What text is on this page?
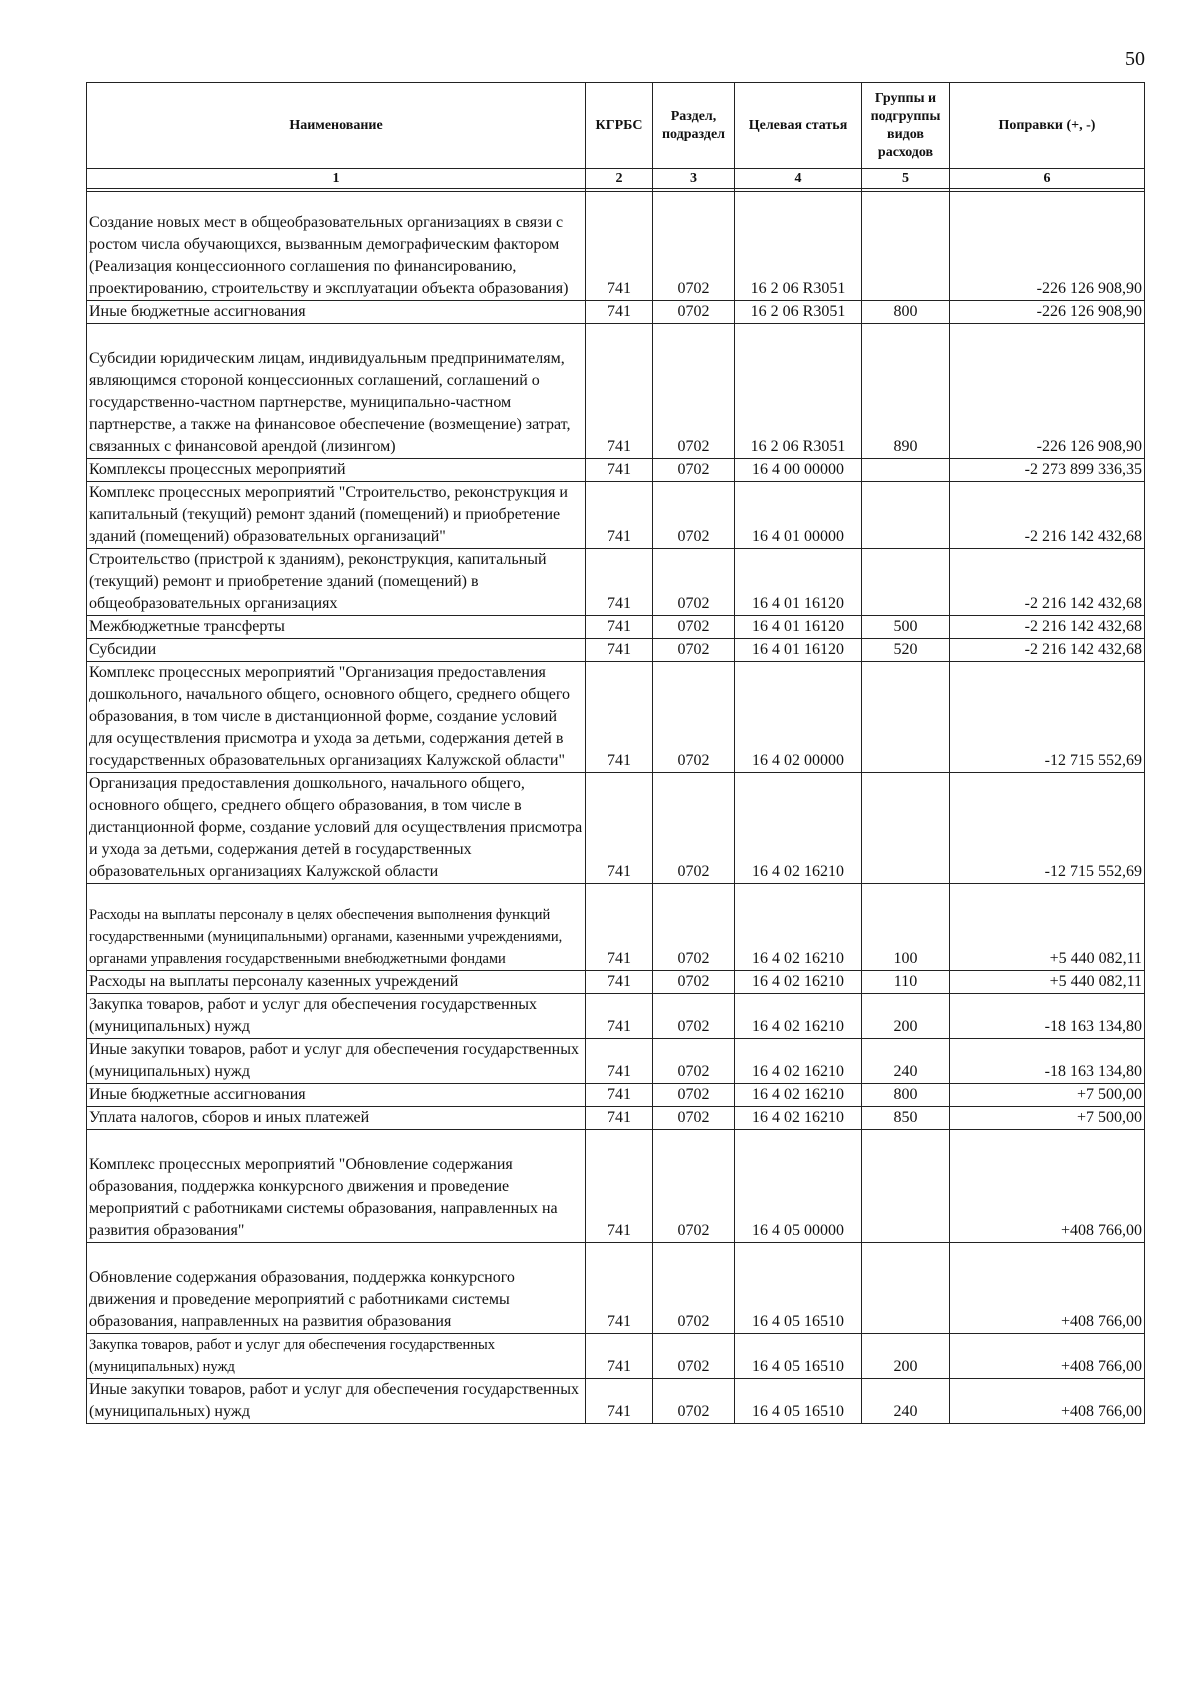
50
Наименование	КГРБС	Раздел, подраздел	Целевая статья	Группы и подгруппы видов расходов	Поправки (+, -)
1	2	3	4	5	6

Создание новых мест в общеобразовательных организациях в связи с ростом числа обучающихся, вызванным демографическим фактором (Реализация концессионного соглашения по финансированию, проектированию, строительству и эксплуатации объекта образования)	741	0702	16 2 06 R3051		-226 126 908,90
Иные бюджетные ассигнования	741	0702	16 2 06 R3051	800	-226 126 908,90
Субсидии юридическим лицам, индивидуальным предпринимателям, являющимся стороной концессионных соглашений, соглашений о государственно-частном партнерстве, муниципально-частном партнерстве, а также на финансовое обеспечение (возмещение) затрат, связанных с финансовой арендой (лизингом)	741	0702	16 2 06 R3051	890	-226 126 908,90
Комплексы процессных мероприятий	741	0702	16 4 00 00000		-2 273 899 336,35
Комплекс процессных мероприятий "Строительство, реконструкция и капитальный (текущий) ремонт зданий (помещений) и приобретение зданий (помещений) образовательных организаций"	741	0702	16 4 01 00000		-2 216 142 432,68
Строительство (пристрой к зданиям), реконструкция, капитальный (текущий) ремонт и приобретение зданий (помещений) в общеобразовательных организациях	741	0702	16 4 01 16120		-2 216 142 432,68
Межбюджетные трансферты	741	0702	16 4 01 16120	500	-2 216 142 432,68
Субсидии	741	0702	16 4 01 16120	520	-2 216 142 432,68
Комплекс процессных мероприятий "Организация предоставления дошкольного, начального общего, основного общего, среднего общего образования, в том числе в дистанционной форме, создание условий для осуществления присмотра и ухода за детьми, содержания детей в государственных образовательных организациях Калужской области"	741	0702	16 4 02 00000		-12 715 552,69
Организация предоставления дошкольного, начального общего, основного общего, среднего общего образования, в том числе в дистанционной форме, создание условий для осуществления присмотра и ухода за детьми, содержания детей в государственных образовательных организациях Калужской области	741	0702	16 4 02 16210		-12 715 552,69
Расходы на выплаты персоналу в целях обеспечения выполнения функций государственными (муниципальными) органами, казенными учреждениями, органами управления государственными внебюджетными фондами	741	0702	16 4 02 16210	100	+5 440 082,11
Расходы на выплаты персоналу казенных учреждений	741	0702	16 4 02 16210	110	+5 440 082,11
Закупка товаров, работ и услуг для обеспечения государственных (муниципальных) нужд	741	0702	16 4 02 16210	200	-18 163 134,80
Иные закупки товаров, работ и услуг для обеспечения государственных (муниципальных) нужд	741	0702	16 4 02 16210	240	-18 163 134,80
Иные бюджетные ассигнования	741	0702	16 4 02 16210	800	+7 500,00
Уплата налогов, сборов и иных платежей	741	0702	16 4 02 16210	850	+7 500,00
Комплекс процессных мероприятий "Обновление содержания образования, поддержка конкурсного движения и проведение мероприятий с работниками системы образования, направленных на развития образования"	741	0702	16 4 05 00000		+408 766,00
Обновление содержания образования, поддержка конкурсного движения и проведение мероприятий с работниками системы образования, направленных на развития образования	741	0702	16 4 05 16510		+408 766,00
Закупка товаров, работ и услуг для обеспечения государственных (муниципальных) нужд	741	0702	16 4 05 16510	200	+408 766,00
Иные закупки товаров, работ и услуг для обеспечения государственных (муниципальных) нужд	741	0702	16 4 05 16510	240	+408 766,00
